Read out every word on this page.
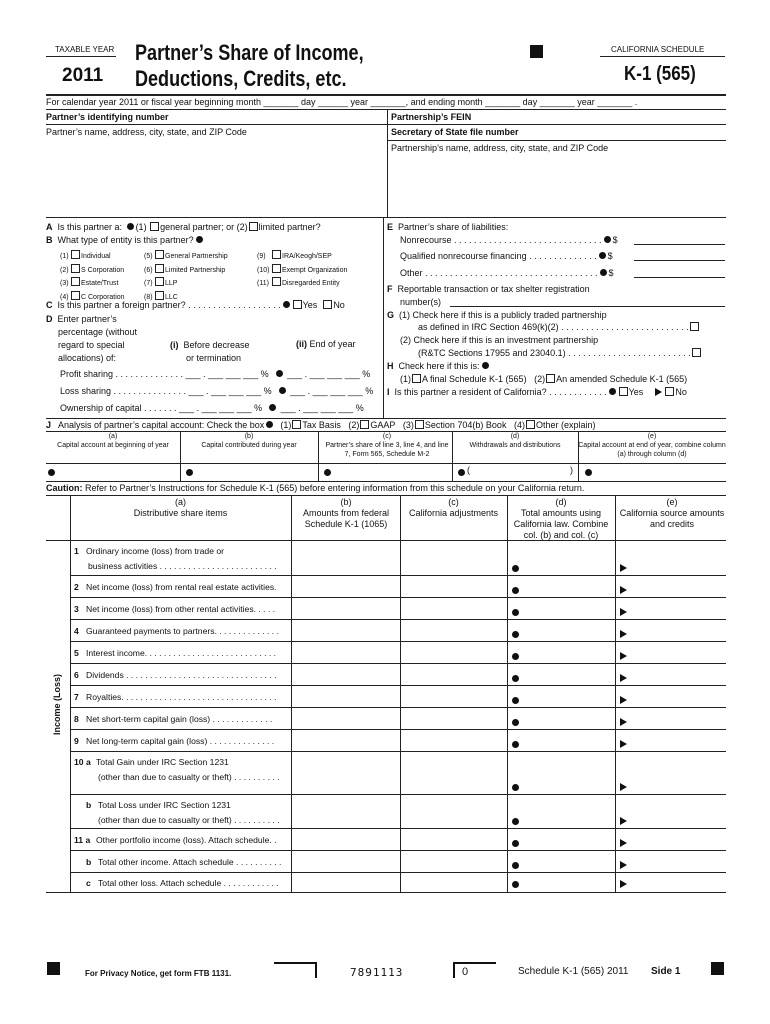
TAXABLE YEAR
2011
Partner’s Share of Income,
Deductions, Credits, etc.
CALIFORNIA SCHEDULE
K-1 (565)
For calendar year 2011 or fiscal year beginning month _______ day ______ year _______, and ending month _______ day _______ year _______ .
Partner’s identifying number
Partner’s name, address, city, state, and ZIP Code
Partnership’s FEIN
Secretary of State file number
Partnership’s name, address, city, state, and ZIP Code
A Is this partner a: (1) general partner; or (2) limited partner?
B What type of entity is this partner?
(1) Individual	(5) General Partnership	(9) IRA/Keogh/SEP
(2) S Corporation	(6) Limited Partnership	(10) Exempt Organization
(3) Estate/Trust	(7) LLP	(11) Disregarded Entity
(4) C Corporation	(8) LLC
C Is this partner a foreign partner? . . . . . . . . . . . . . . . . . . . Yes No
D Enter partner’s
percentage (without
regard to special
allocations) of:
(i) Before decrease
or termination
(ii) End of year
Profit sharing . . . . . . . . . . . . . . ___ . ___ ___ ___ % ___ . ___ ___ ___ %
Loss sharing . . . . . . . . . . . . . . . ___ . ___ ___ ___ % ___ . ___ ___ ___ %
Ownership of capital . . . . . . . ___ . ___ ___ ___ % ___ . ___ ___ ___ %
E Partner’s share of liabilities:
Nonrecourse . . . . . . . . . . . . . . . . . . . . . . . . . . . . . . $
Qualified nonrecourse financing . . . . . . . . . . . . . . $
Other . . . . . . . . . . . . . . . . . . . . . . . . . . . . . . . . . . . $
F Reportable transaction or tax shelter registration
number(s)
G (1) Check here if this is a publicly traded partnership
as defined in IRC Section 469(k)(2) . . . . . . . . . . . . . . . . . . . . . . . . . .
(2) Check here if this is an investment partnership
(R&TC Sections 17955 and 23040.1) . . . . . . . . . . . . . . . . . . . . . . . . .
H Check here if this is:
(1) A final Schedule K-1 (565) (2) An amended Schedule K-1 (565)
I Is this partner a resident of California? . . . . . . . . . . . . Yes	No
J Analysis of partner’s capital account: Check the box (1) Tax Basis (2) GAAP (3) Section 704(b) Book (4) Other (explain)
(a)
Capital account at beginning of year
(b)
Capital contributed during year
(c)
Partner’s share of line 3, line 4, and line 7, Form 565, Schedule M-2
(d)
Withdrawals and distributions
(e)
Capital account at end of year, combine column (a) through column (d)
(	)
Caution: Refer to Partner’s Instructions for Schedule K-1 (565) before entering information from this schedule on your California return.
(a)
Distributive share items
(b)
Amounts from federal Schedule K-1 (1065)
(c)
California adjustments
(d)
Total amounts using California law. Combine col. (b) and col. (c)
(e)
California source amounts and credits
Income (Loss)
1 Ordinary income (loss) from trade or
business activities . . . . . . . . . . . . . . . . . . . . . . . . .
2 Net income (loss) from rental real estate activities.
3 Net income (loss) from other rental activities. . . . .
4 Guaranteed payments to partners. . . . . . . . . . . . . .
5 Interest income. . . . . . . . . . . . . . . . . . . . . . . . . . . .
6 Dividends . . . . . . . . . . . . . . . . . . . . . . . . . . . . . . . .
7 Royalties. . . . . . . . . . . . . . . . . . . . . . . . . . . . . . . . .
8 Net short-term capital gain (loss) . . . . . . . . . . . . .
9 Net long-term capital gain (loss) . . . . . . . . . . . . . .
10 a Total Gain under IRC Section 1231
(other than due to casualty or theft) . . . . . . . . . .
b Total Loss under IRC Section 1231
(other than due to casualty or theft) . . . . . . . . . .
11 a Other portfolio income (loss). Attach schedule. .
b Total other income. Attach schedule . . . . . . . . . .
c Total other loss. Attach schedule . . . . . . . . . . . .
For Privacy Notice, get form FTB 1131.	7891113	0	Schedule K-1 (565) 2011 Side 1
